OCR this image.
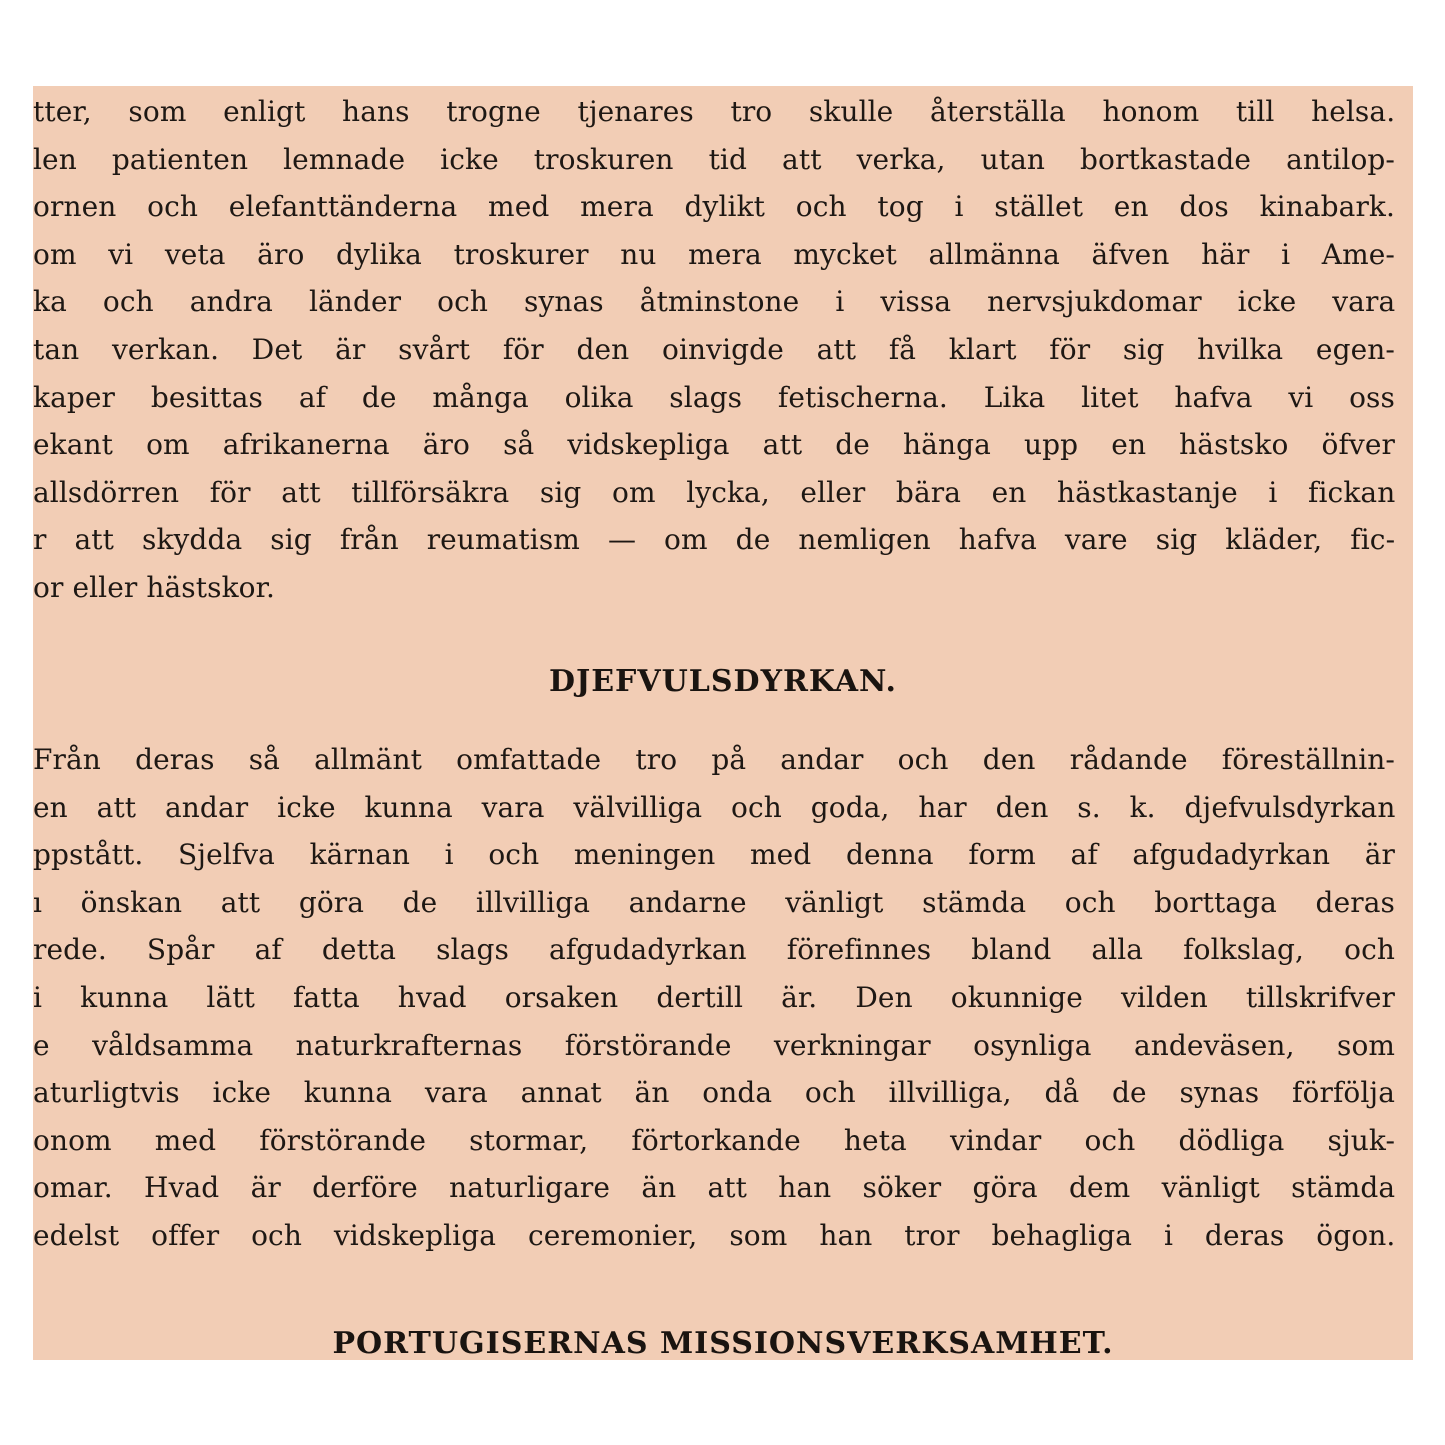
tter, som enligt hans trogne tjenares tro skulle återställa honom till helsa.
len patienten lemnade icke troskuren tid att verka, utan bortkastade antilop-
ornen och elefanttänderna med mera dylikt och tog i stället en dos kinabark.
om vi veta äro dylika troskurer nu mera mycket allmänna äfven här i Ame-
ka och andra länder och synas åtminstone i vissa nervsjukdomar icke vara
tan verkan. Det är svårt för den oinvigde att få klart för sig hvilka egen-
kaper besittas af de många olika slags fetischerna. Lika litet hafva vi oss
ekant om afrikanerna äro så vidskepliga att de hänga upp en hästsko öfver
allsdörren för att tillförsäkra sig om lycka, eller bära en hästkastanje i fickan
r att skydda sig från reumatism — om de nemligen hafva vare sig kläder, fic-
or eller hästskor.
DJEFVULSDYRKAN.
Från deras så allmänt omfattade tro på andar och den rådande föreställnin-
en att andar icke kunna vara välvilliga och goda, har den s. k. djefvulsdyrkan
ppstått. Sjelfva kärnan i och meningen med denna form af afgudadyrkan är
ı önskan att göra de illvilliga andarne vänligt stämda och borttaga deras
rede. Spår af detta slags afgudadyrkan förefinnes bland alla folkslag, och
i kunna lätt fatta hvad orsaken dertill är. Den okunnige vilden tillskrifver
e våldsamma naturkrafternas förstörande verkningar osynliga andeväsen, som
aturligtvis icke kunna vara annat än onda och illvilliga, då de synas förfölja
onom med förstörande stormar, förtorkande heta vindar och dödliga sjuk-
omar. Hvad är derföre naturligare än att han söker göra dem vänligt stämda
edelst offer och vidskepliga ceremonier, som han tror behagliga i deras ögon.
PORTUGISERNAS MISSIONSVERKSAMHET.
